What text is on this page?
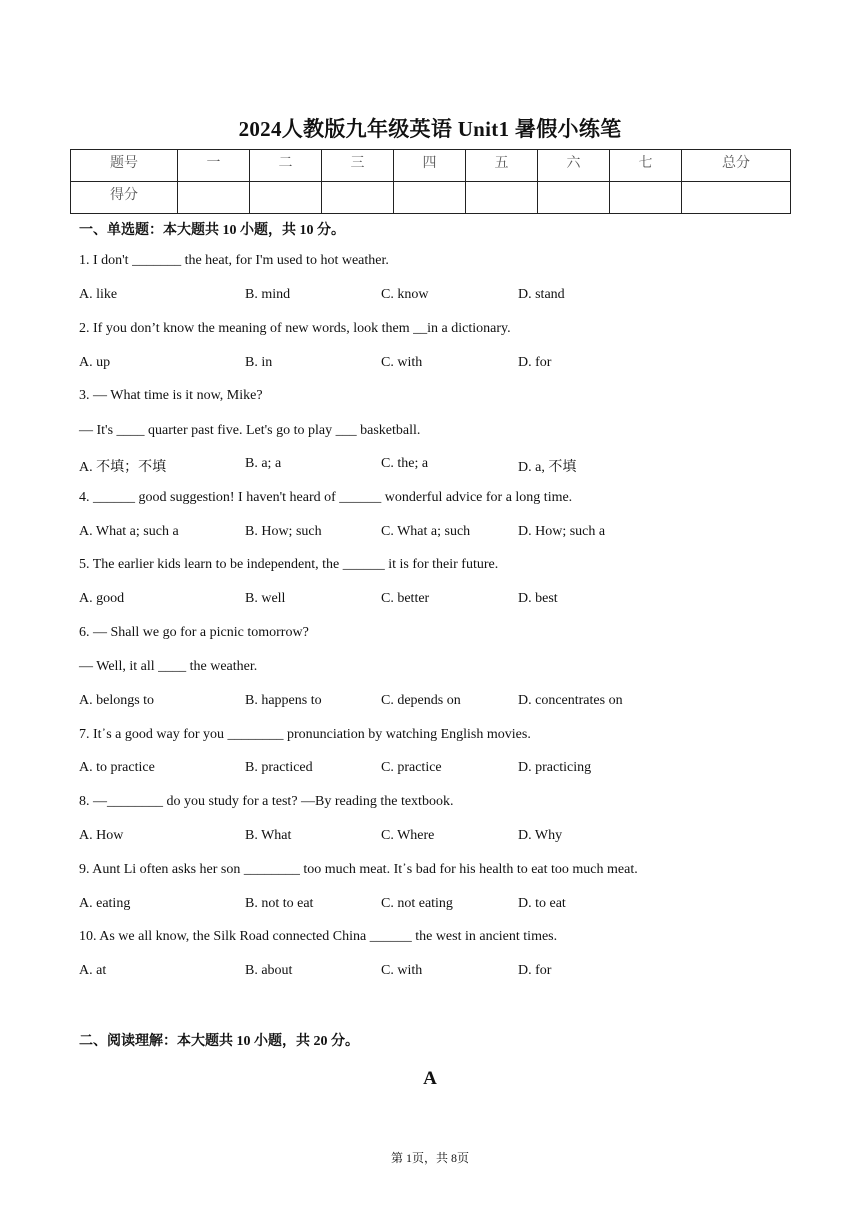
2024人教版九年级英语 Unit1 暑假小练笔
题号	一	二	三	四	五	六	七	总分
得分								
一、单选题：本大题共 10 小题，共 10 分。
1. I don't _______ the heat, for I'm used to hot weather.
A. like	B. mind	C. know	D. stand
2. If you don’t know the meaning of new words, look them __in a dictionary.
A. up	B. in	C. with	D. for
3. — What time is it now, Mike?
— It's ____ quarter past five. Let's go to play ___ basketball.
A. 不填；不填	B. a; a	C. the; a	D. a, 不填
4. ______ good suggestion! I haven't heard of ______ wonderful advice for a long time.
A. What a; such a	B. How; such	C. What a; such	D. How; such a
5. The earlier kids learn to be independent, the ______ it is for their future.
A. good	B. well	C. better	D. best
6. — Shall we go for a picnic tomorrow?
— Well, it all ____ the weather.
A. belongs to	B. happens to	C. depends on	D. concentrates on
7. It᾿s a good way for you ________ pronunciation by watching English movies.
A. to practice	B. practiced	C. practice	D. practicing
8. —________ do you study for a test? —By reading the textbook.
A. How	B. What	C. Where	D. Why
9. Aunt Li often asks her son ________ too much meat. It᾿s bad for his health to eat too much meat.
A. eating	B. not to eat	C. not eating	D. to eat
10. As we all know, the Silk Road connected China ______ the west in ancient times.
A. at	B. about	C. with	D. for
二、阅读理解：本大题共 10 小题，共 20 分。
A
第 1页，共 8页
